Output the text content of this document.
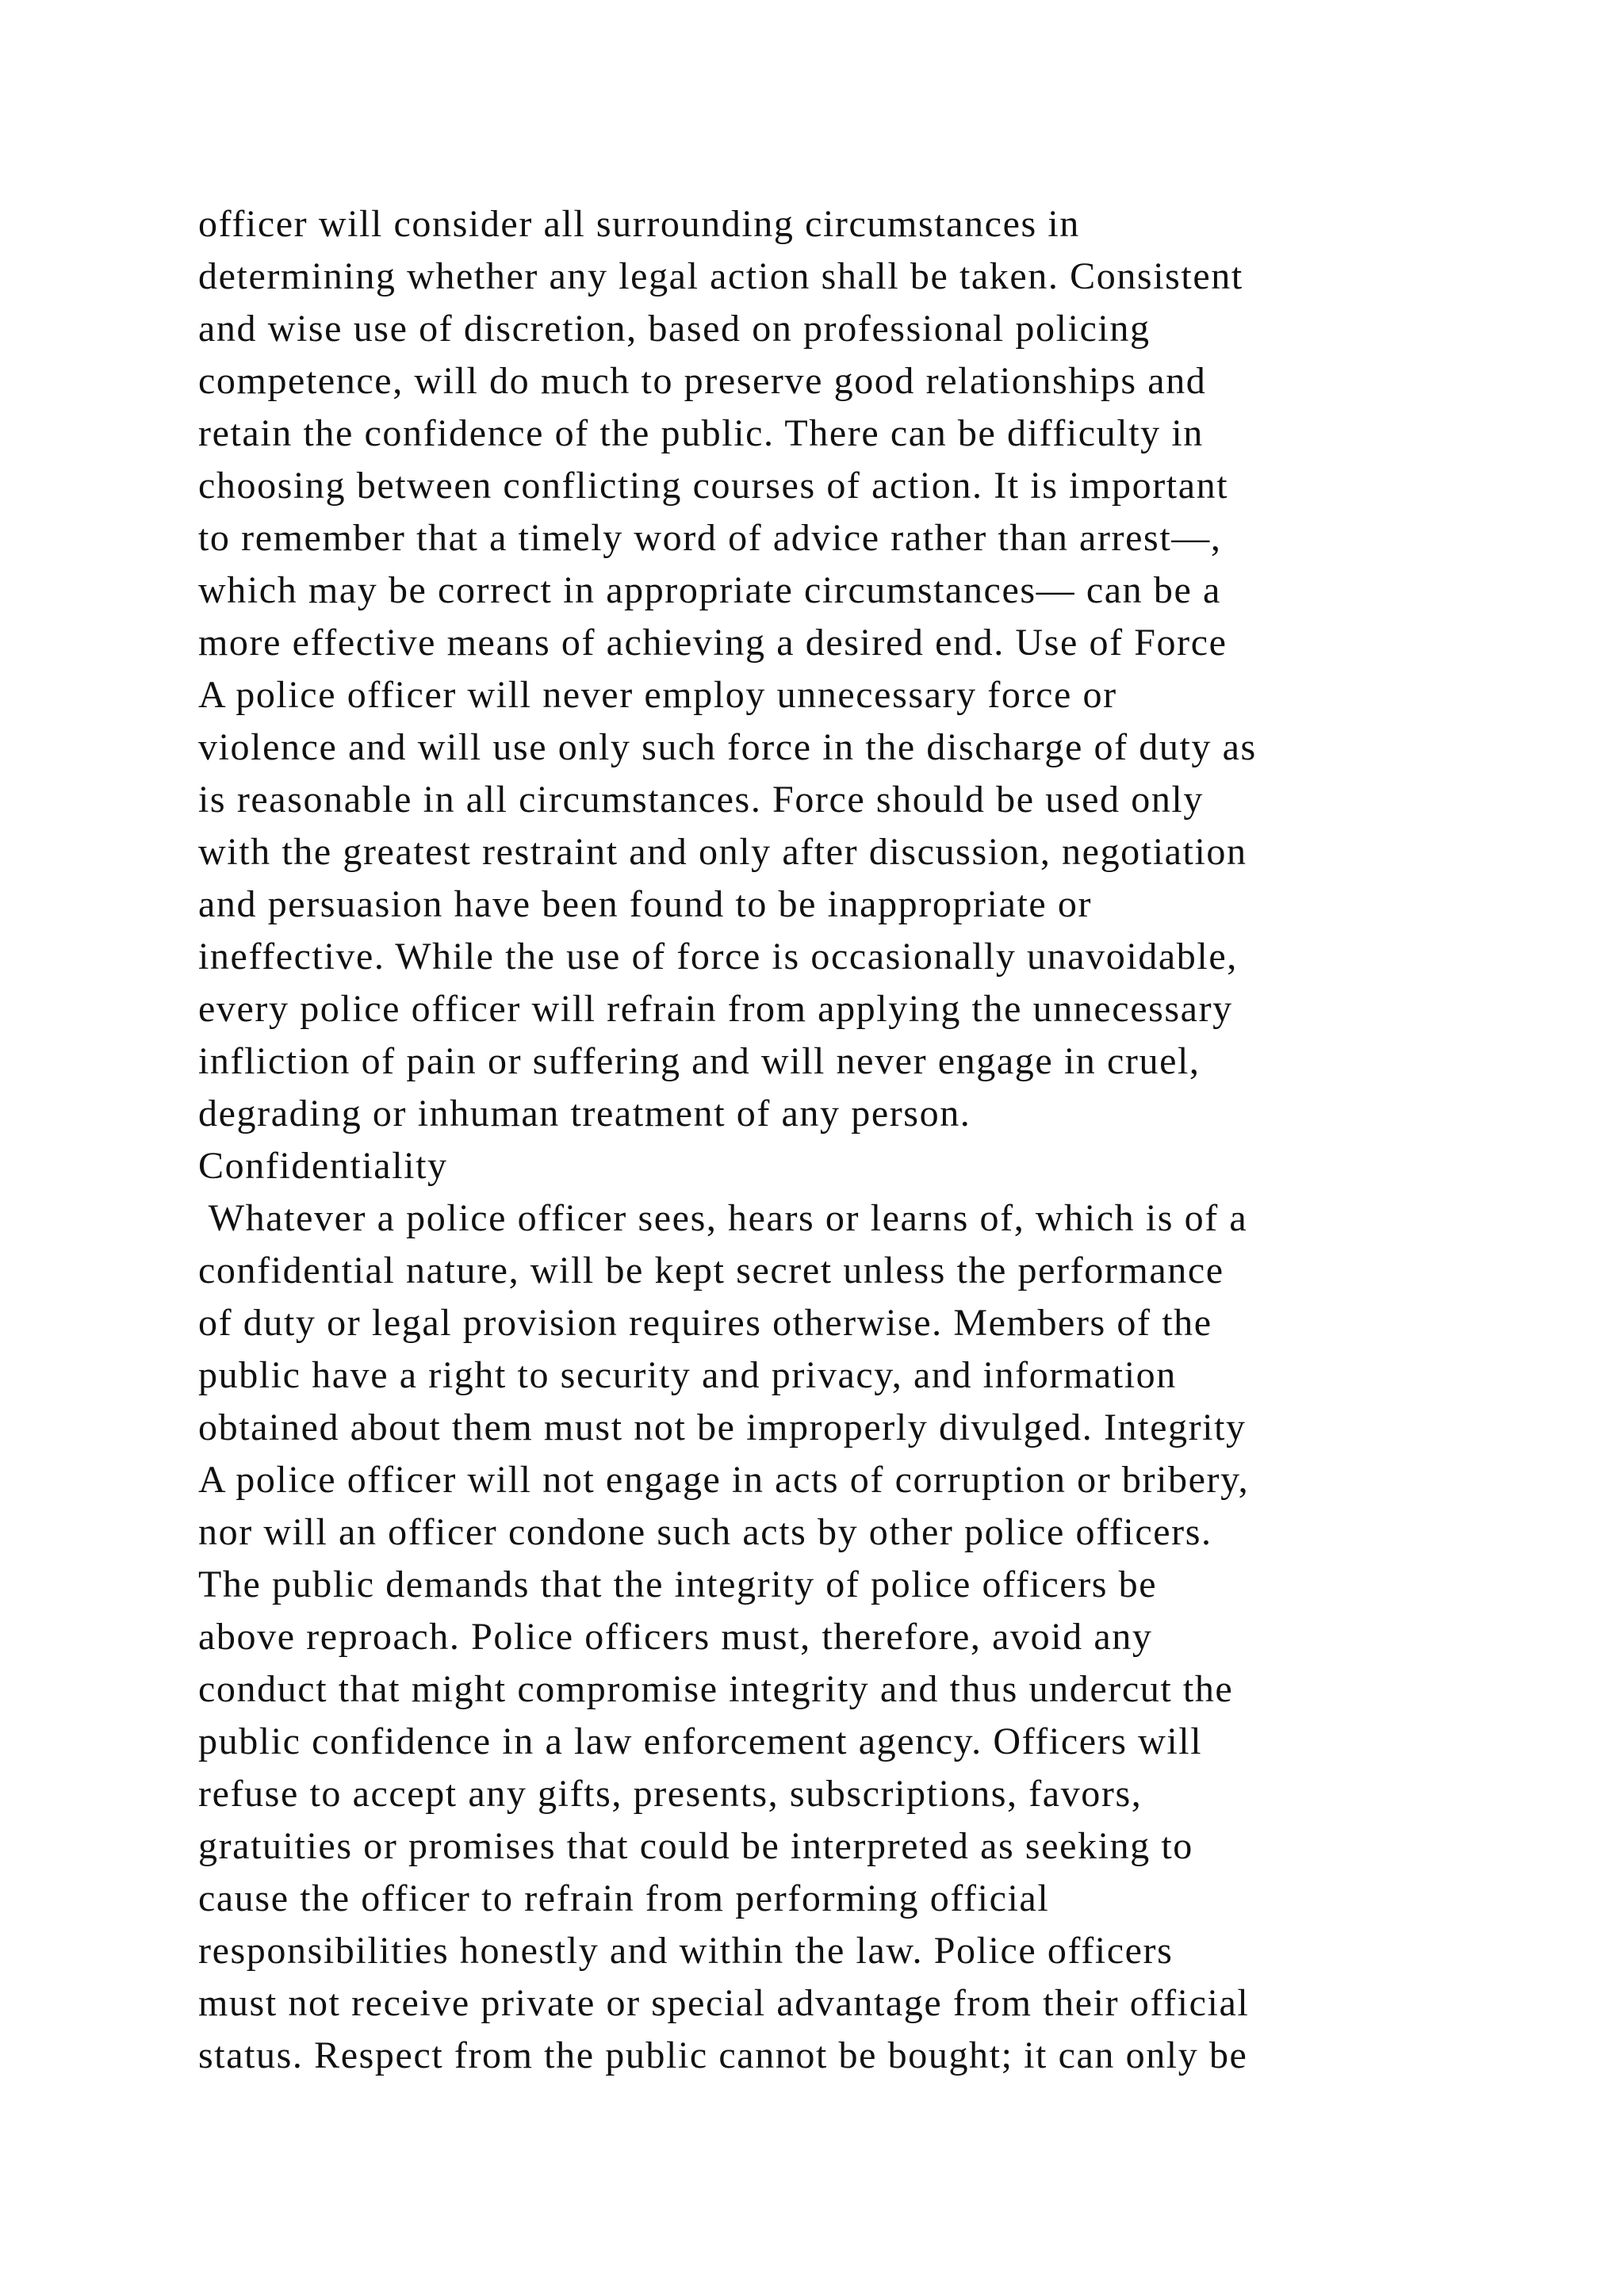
officer will consider all surrounding circumstances in
determining whether any legal action shall be taken. Consistent
and wise use of discretion, based on professional policing
competence, will do much to preserve good relationships and
retain the confidence of the public. There can be difficulty in
choosing between conflicting courses of action. It is important
to remember that a timely word of advice rather than arrest—,
which may be correct in appropriate circumstances— can be a
more effective means of achieving a desired end. Use of Force
A police officer will never employ unnecessary force or
violence and will use only such force in the discharge of duty as
is reasonable in all circumstances. Force should be used only
with the greatest restraint and only after discussion, negotiation
and persuasion have been found to be inappropriate or
ineffective. While the use of force is occasionally unavoidable,
every police officer will refrain from applying the unnecessary
infliction of pain or suffering and will never engage in cruel,
degrading or inhuman treatment of any person.
Confidentiality
Whatever a police officer sees, hears or learns of, which is of a
confidential nature, will be kept secret unless the performance
of duty or legal provision requires otherwise. Members of the
public have a right to security and privacy, and information
obtained about them must not be improperly divulged. Integrity
A police officer will not engage in acts of corruption or bribery,
nor will an officer condone such acts by other police officers.
The public demands that the integrity of police officers be
above reproach. Police officers must, therefore, avoid any
conduct that might compromise integrity and thus undercut the
public confidence in a law enforcement agency. Officers will
refuse to accept any gifts, presents, subscriptions, favors,
gratuities or promises that could be interpreted as seeking to
cause the officer to refrain from performing official
responsibilities honestly and within the law. Police officers
must not receive private or special advantage from their official
status. Respect from the public cannot be bought; it can only be
